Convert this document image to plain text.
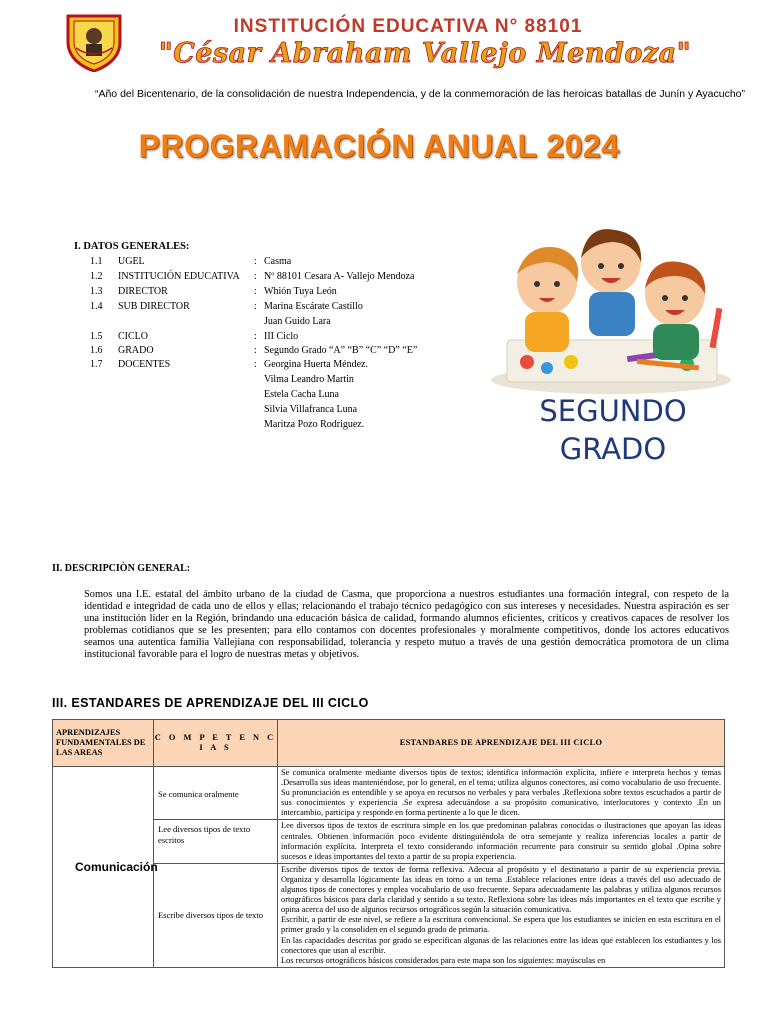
INSTITUCIÓN EDUCATIVA N° 88101
"César Abraham Vallejo Mendoza"
“Año del Bicentenario, de la consolidación de nuestra Independencia, y de la conmemoración de las heroicas batallas de Junín y Ayacucho”
PROGRAMACIÓN ANUAL 2024
SEGUNDO GRADO
I. DATOS GENERALES:
1.1 UGEL	: Casma
1.2 INSTITUCIÓN EDUCATIVA : Nº 88101 Cesara A- Vallejo Mendoza
1.3 DIRECTOR	: Whión Tuya León
1.4 SUB DIRECTOR	: Marina Escárate Castillo
Juan Guido Lara
1.5 CICLO	: III Ciclo
1.6 GRADO	: Segundo Grado “A” “B” “C” “D” “E”
1.7 DOCENTES	: Georgina Huerta Méndez.
Vilma Leandro Martin
Estela Cacha Luna
Silvia Villafranca Luna
Maritza Pozo Rodriguez.
II. DESCRIPCIÒN GENERAL:
Somos una I.E. estatal del ámbito urbano de la ciudad de Casma, que proporciona a nuestros estudiantes una formación integral, con respeto de la identidad e integridad de cada uno de ellos y ellas; relacionando el trabajo técnico pedagógico con sus intereses y necesidades. Nuestra aspiración es ser una institución líder en la Región, brindando una educación básica de calidad, formando alumnos eficientes, críticos y creativos capaces de resolver los problemas cotidianos que se les presenten; para ello contamos con docentes profesionales y moralmente competitivos, donde los actores educativos seamos una autentica familia Vallejiana con responsabilidad, tolerancia y respeto mutuo a través de una gestión democrática promotora de un clima institucional favorable para el logro de nuestras metas y objetivos.
III. ESTANDARES DE APRENDIZAJE DEL III CICLO
APRENDIZAJES FUNDAMENTALES DE LAS AREAS	C O M P E T E N C I A S	ESTANDARES DE APRENDIZAJE DEL III CICLO
Comunicación	Se comunica oralmente	Se comunica oralmente mediante diversos tipos de textos; identifica información explícita, infiere e interpreta hechos y temas .Desarrolla sus ideas manteniéndose, por lo general, en el tema; utiliza algunos conectores, así como vocabulario de uso frecuente. Su pronunciación es entendible y se apoya en recursos no verbales y para verbales .Reflexiona sobre textos escuchados a partir de sus conocimientos y experiencia .Se expresa adecuándose a su propósito comunicativo, interlocutores y contexto .En un intercambio, participa y responde en forma pertinente a lo que le dicen.
	Lee diversos tipos de texto escritos	Lee diversos tipos de textos de escritura simple en los que predominan palabras conocidas o ilustraciones que apoyan las ideas centrales. Obtienen información poco evidente distinguiéndola de otra semejante y realiza inferencias locales a partir de información explícita. Interpreta el texto considerando información recurrente para construir su sentido global .Opina sobre sucesos e ideas importantes del texto a partir de su propia experiencia.
	Escribe diversos tipos de texto	Escribe diversos tipos de textos de forma reflexiva. Adecua al propósito y el destinatario a partir de su experiencia previa. Organiza y desarrolla lógicamente las ideas en torno a un tema .Establece relaciones entre ideas a través del uso adecuado de algunos tipos de conectores y emplea vocabulario de uso frecuente. Separa adecuadamente las palabras y utiliza algunos recursos ortográficos básicos para darla claridad y sentido a su texto. Reflexiona sobre las ideas más importantes en el texto que escribe y opina acerca del uso de algunos recursos ortográficos según la situación comunicativa.

Escribir, a partir de este nivel, se refiere a la escritura convencional. Se espera que los estudiantes se inicien en esta escritura en el primer grado y la consoliden en el segundo grado de primaria.

En las capacidades descritas por grado se especifican algunas de las relaciones entre las ideas que establecen los estudiantes y los conectores que usan al escribir.

Los recursos ortográficos básicos considerados para este mapa son los siguientes: mayúsculas en
